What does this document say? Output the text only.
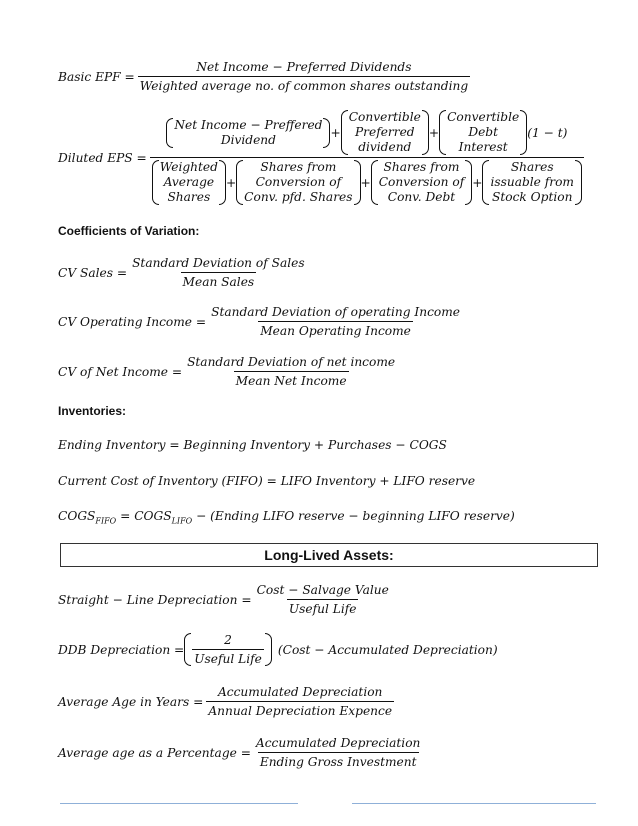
Basic EPF = $\frac{\text{Net Income − Preferred Dividends}}{\text{Weighted average no. of common shares outstanding}}$
Diluted EPS =
Net Income − Preffered
Dividend	+
Convertible
Preferred
dividend
+
Convertible
Debt
Interest
(1 − t)
Weighted
Average
Shares
+
Shares from
Conversion of
Conv. pfd. Shares
+
Shares from
Conversion of
Conv. Debt
+
Shares
issuable from
Stock Option
Coefficients of Variation:
CV Sales = $\frac{\text{Standard Deviation of Sales}}{\text{Mean Sales}}$
CV Operating Income = $\frac{\text{Standard Deviation of operating Income}}{\text{Mean Operating Income}}$
CV of Net Income = $\frac{\text{Standard Deviation of net income}}{\text{Mean Net Income}}$
Inventories:
Ending Inventory = Beginning Inventory + Purchases − COGS
Current Cost of Inventory (FIFO) = LIFO Inventory + LIFO reserve
$COGS_{FIFO}$ = $COGS_{LIFO}$ − (Ending LIFO reserve − beginning LIFO reserve)
Long-Lived Assets:
Straight − Line Depreciation = $\frac{\text{Cost − Salvage Value}}{\text{Useful Life}}$
DDB Depreciation = $\frac{2}{\text{Useful Life}}$ (Cost − Accumulated Depreciation)
Average Age in Years = $\frac{\text{Accumulated Depreciation}}{\text{Annual Depreciation Expence}}$
Average age as a Percentage = $\frac{\text{Accumulated Depreciation}}{\text{Ending Gross Investment}}$
